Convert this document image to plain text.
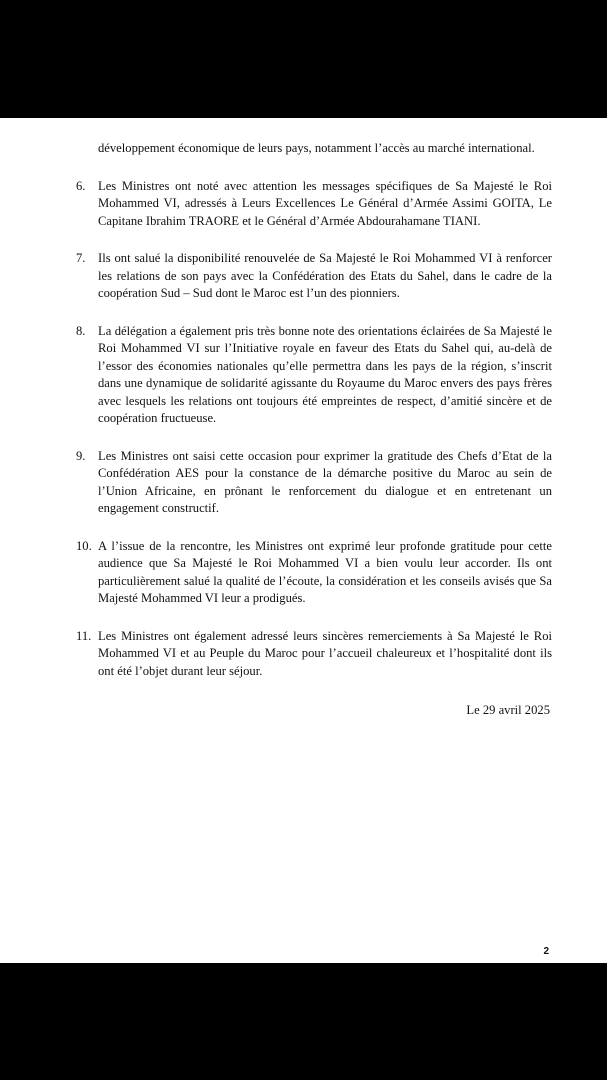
développement économique de leurs pays, notamment l’accès au marché international.

6. Les Ministres ont noté avec attention les messages spécifiques de Sa Majesté le Roi Mohammed VI, adressés à Leurs Excellences Le Général d’Armée Assimi GOITA, Le Capitane Ibrahim TRAORE et le Général d’Armée Abdourahamane TIANI.
7. Ils ont salué la disponibilité renouvelée de Sa Majesté le Roi Mohammed VI à renforcer les relations de son pays avec la Confédération des Etats du Sahel, dans le cadre de la coopération Sud – Sud dont le Maroc est l’un des pionniers.
8. La délégation a également pris très bonne note des orientations éclairées de Sa Majesté le Roi Mohammed VI sur l’Initiative royale en faveur des Etats du Sahel qui, au-delà de l’essor des économies nationales qu’elle permettra dans les pays de la région, s’inscrit dans une dynamique de solidarité agissante du Royaume du Maroc envers des pays frères avec lesquels les relations ont toujours été empreintes de respect, d’amitié sincère et de coopération fructueuse.
9. Les Ministres ont saisi cette occasion pour exprimer la gratitude des Chefs d’Etat de la Confédération AES pour la constance de la démarche positive du Maroc au sein de l’Union Africaine, en prônant le renforcement du dialogue et en entretenant un engagement constructif.
10. A l’issue de la rencontre, les Ministres ont exprimé leur profonde gratitude pour cette audience que Sa Majesté le Roi Mohammed VI a bien voulu leur accorder. Ils ont particulièrement salué la qualité de l’écoute, la considération et les conseils avisés que Sa Majesté Mohammed VI leur a prodigués.
11. Les Ministres ont également adressé leurs sincères remerciements à Sa Majesté le Roi Mohammed VI et au Peuple du Maroc pour l’accueil chaleureux et l’hospitalité dont ils ont été l’objet durant leur séjour.
Le 29 avril 2025
2
